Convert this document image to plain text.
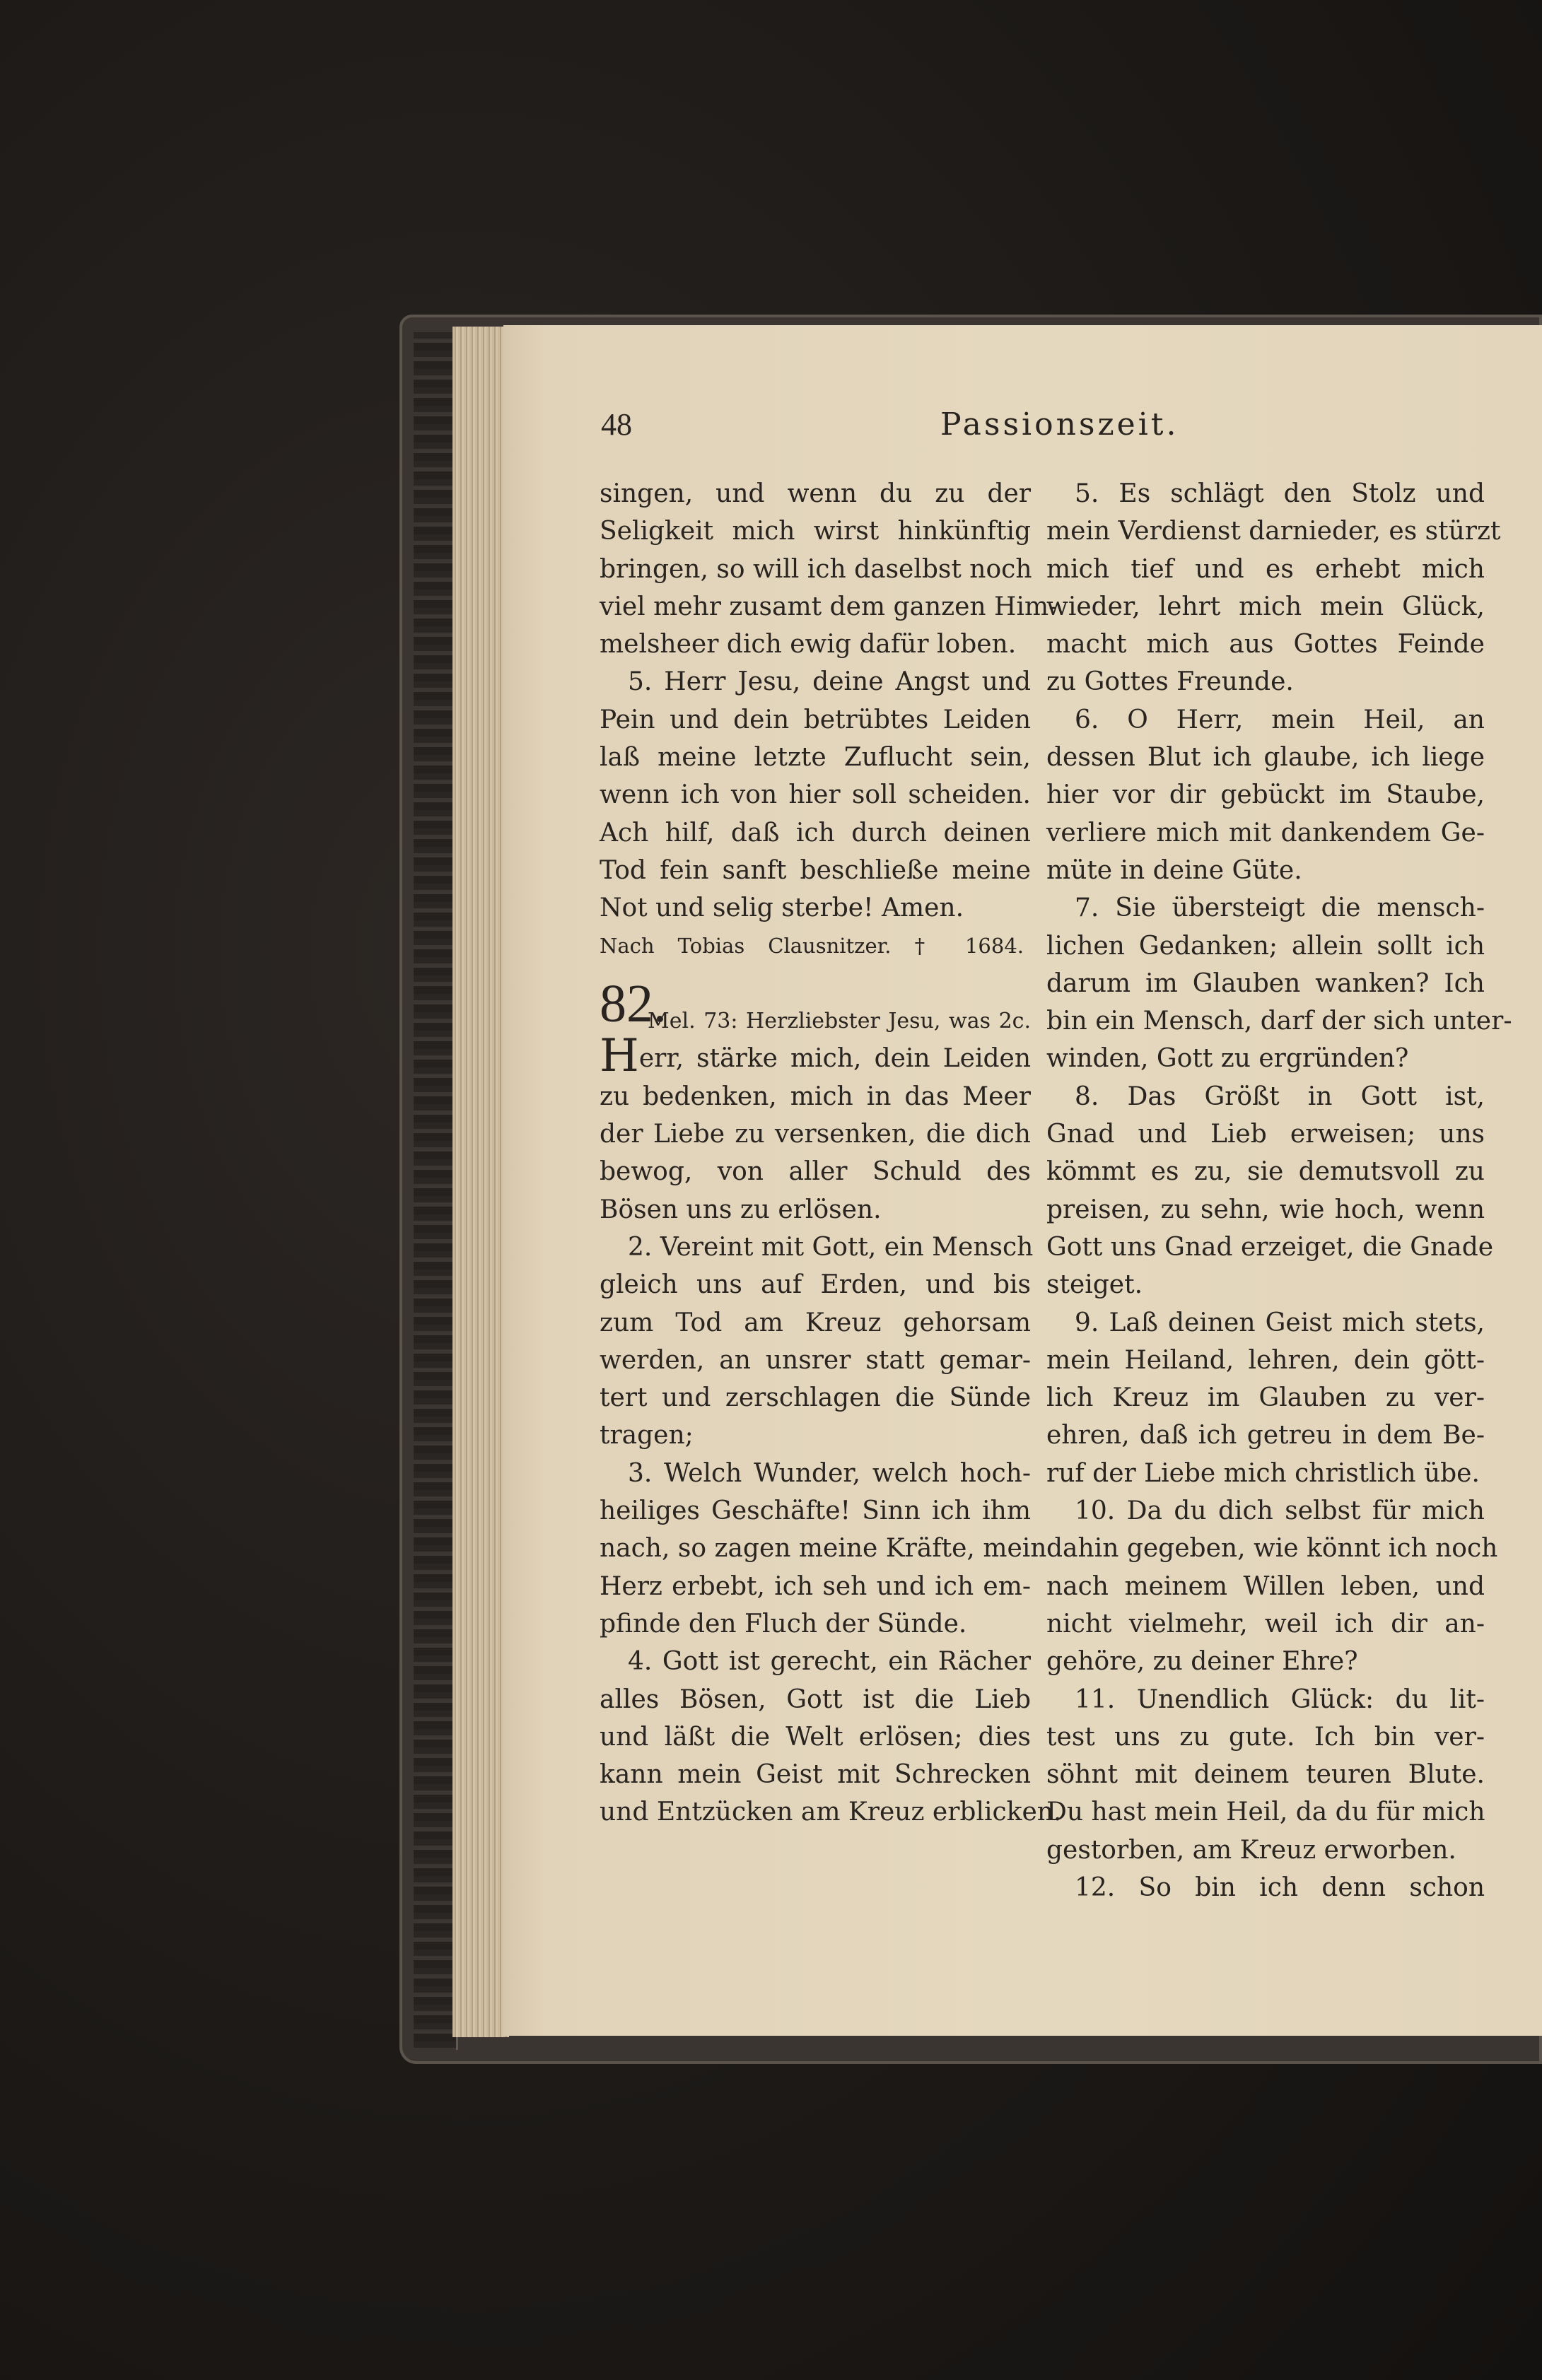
48	Passionszeit.
singen, und wenn du zu der
Seligkeit mich wirst hinkünftig
bringen, so will ich daselbst noch
viel mehr zusamt dem ganzen Him-
melsheer dich ewig dafür loben.
5. Herr Jesu, deine Angst und
Pein und dein betrübtes Leiden
laß meine letzte Zuflucht sein,
wenn ich von hier soll scheiden.
Ach hilf, daß ich durch deinen
Tod fein sanft beschließe meine
Not und selig sterbe! Amen.
Nach Tobias Clausnitzer. † 1684.
82.
Mel. 73: Herzliebster Jesu, was 2c.
Herr, stärke mich, dein Leiden
zu bedenken, mich in das Meer
der Liebe zu versenken, die dich
bewog, von aller Schuld des
Bösen uns zu erlösen.
2. Vereint mit Gott, ein Mensch
gleich uns auf Erden, und bis
zum Tod am Kreuz gehorsam
werden, an unsrer statt gemar-
tert und zerschlagen die Sünde
tragen;
3. Welch Wunder, welch hoch-
heiliges Geschäfte! Sinn ich ihm
nach, so zagen meine Kräfte, mein
Herz erbebt, ich seh und ich em-
pfinde den Fluch der Sünde.
4. Gott ist gerecht, ein Rächer
alles Bösen, Gott ist die Lieb
und läßt die Welt erlösen; dies
kann mein Geist mit Schrecken
und Entzücken am Kreuz erblicken.
5. Es schlägt den Stolz und
mein Verdienst darnieder, es stürzt
mich tief und es erhebt mich
wieder, lehrt mich mein Glück,
macht mich aus Gottes Feinde
zu Gottes Freunde.
6. O Herr, mein Heil, an
dessen Blut ich glaube, ich liege
hier vor dir gebückt im Staube,
verliere mich mit dankendem Ge-
müte in deine Güte.
7. Sie übersteigt die mensch-
lichen Gedanken; allein sollt ich
darum im Glauben wanken? Ich
bin ein Mensch, darf der sich unter-
winden, Gott zu ergründen?
8. Das Größt in Gott ist,
Gnad und Lieb erweisen; uns
kömmt es zu, sie demutsvoll zu
preisen, zu sehn, wie hoch, wenn
Gott uns Gnad erzeiget, die Gnade
steiget.
9. Laß deinen Geist mich stets,
mein Heiland, lehren, dein gött-
lich Kreuz im Glauben zu ver-
ehren, daß ich getreu in dem Be-
ruf der Liebe mich christlich übe.
10. Da du dich selbst für mich
dahin gegeben, wie könnt ich noch
nach meinem Willen leben, und
nicht vielmehr, weil ich dir an-
gehöre, zu deiner Ehre?
11. Unendlich Glück: du lit-
test uns zu gute. Ich bin ver-
söhnt mit deinem teuren Blute.
Du hast mein Heil, da du für mich
gestorben, am Kreuz erworben.
12. So bin ich denn schon
